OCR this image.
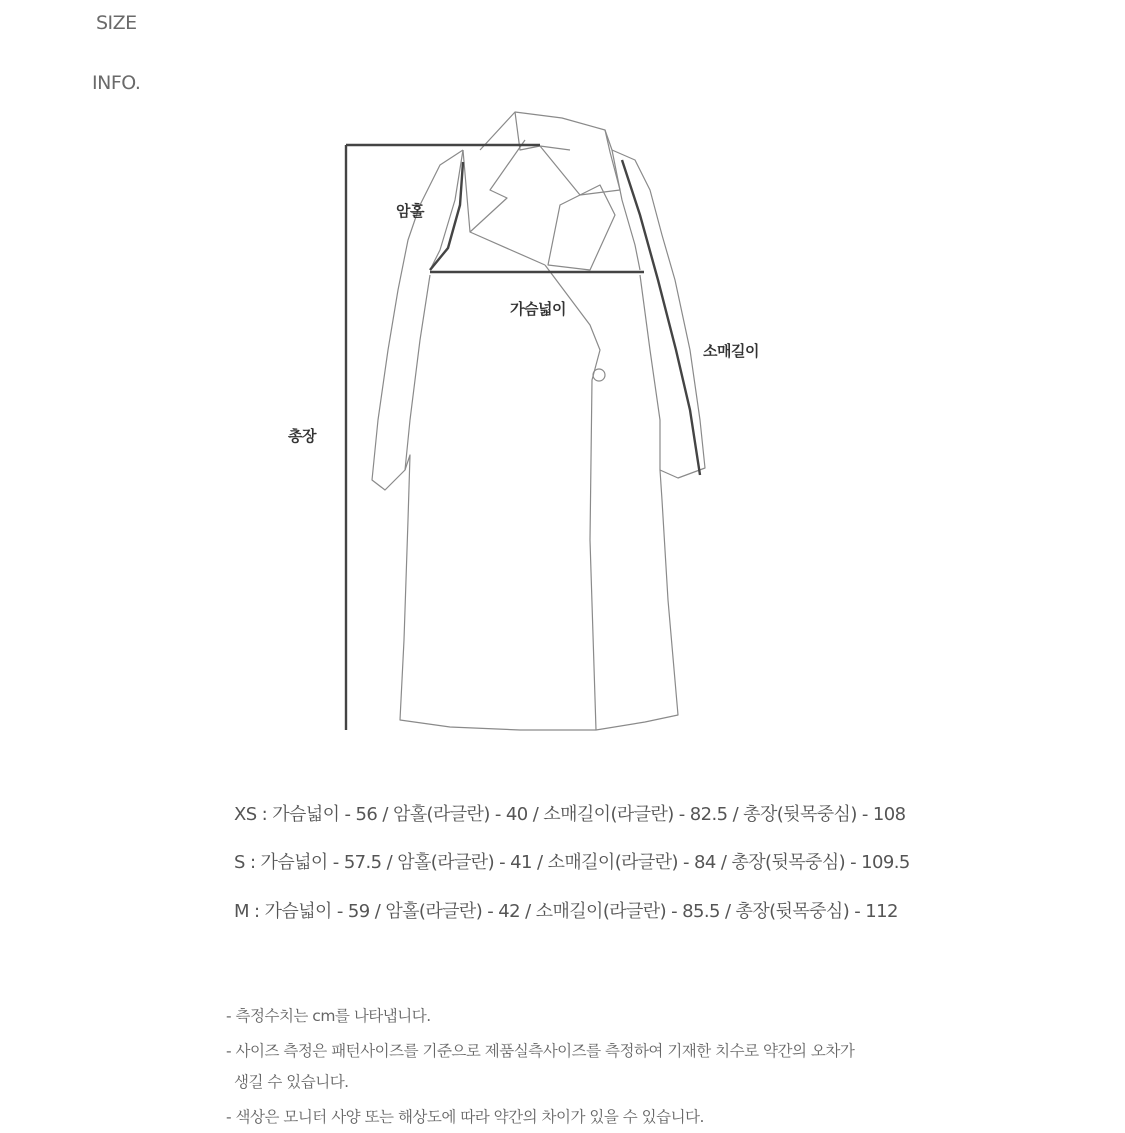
SIZE
INFO.
암홀
가슴넓이
소매길이
총장
XS : 가슴넓이 - 56 / 암홀(라글란) - 40 / 소매길이(라글란) - 82.5 / 총장(뒷목중심) - 108
S : 가슴넓이 - 57.5 / 암홀(라글란) - 41 / 소매길이(라글란) - 84 / 총장(뒷목중심) - 109.5
M : 가슴넓이 - 59 / 암홀(라글란) - 42 / 소매길이(라글란) - 85.5 / 총장(뒷목중심) - 112
- 측정수치는 cm를 나타냅니다.
- 사이즈 측정은 패턴사이즈를 기준으로 제품실측사이즈를 측정하여 기재한 치수로 약간의 오차가
생길 수 있습니다.
- 색상은 모니터 사양 또는 해상도에 따라 약간의 차이가 있을 수 있습니다.
